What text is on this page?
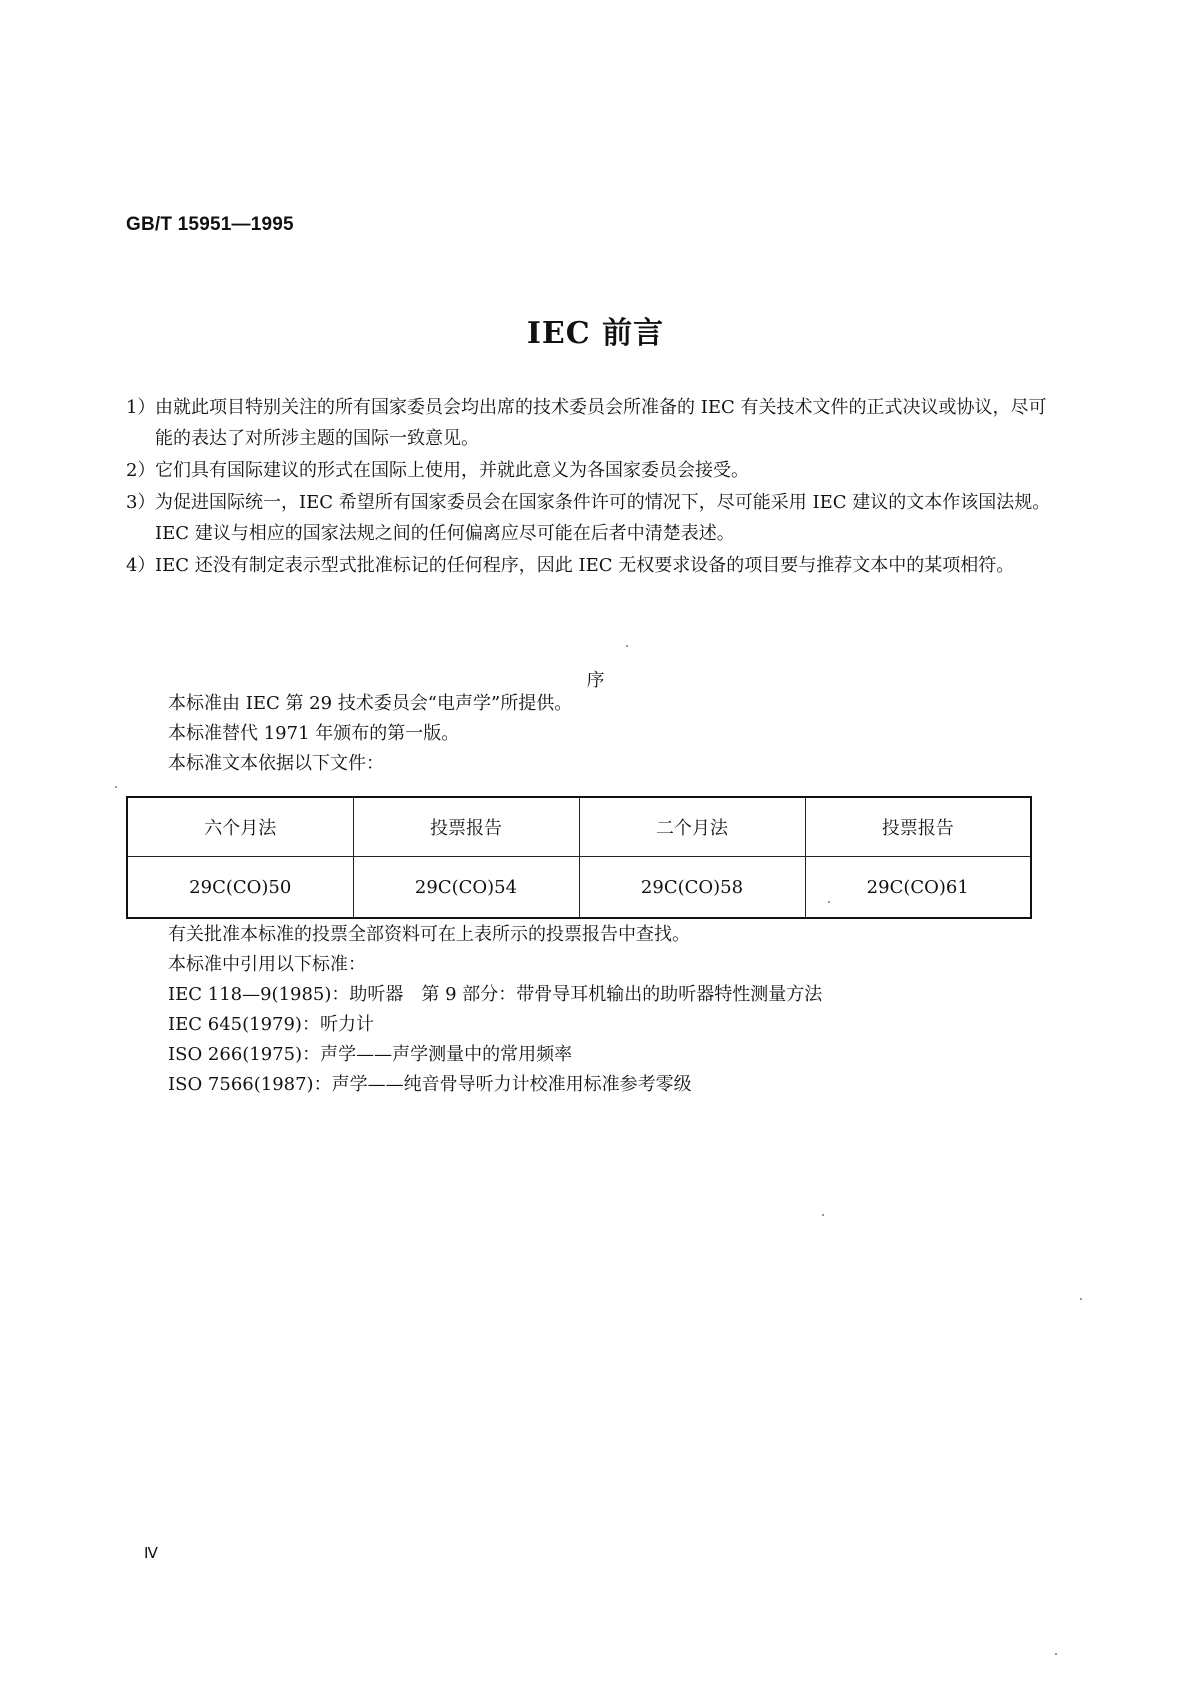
GB/T 15951—1995
IEC 前言
1） 由就此项目特别关注的所有国家委员会均出席的技术委员会所准备的 IEC 有关技术文件的正式决议或协议，尽可能的表达了对所涉主题的国际一致意见。
2） 它们具有国际建议的形式在国际上使用，并就此意义为各国家委员会接受。
3） 为促进国际统一，IEC 希望所有国家委员会在国家条件许可的情况下，尽可能采用 IEC 建议的文本作该国法规。IEC 建议与相应的国家法规之间的任何偏离应尽可能在后者中清楚表述。
4） IEC 还没有制定表示型式批准标记的任何程序，因此 IEC 无权要求设备的项目要与推荐文本中的某项相符。
序
本标准由 IEC 第 29 技术委员会“电声学”所提供。
本标准替代 1971 年颁布的第一版。
本标准文本依据以下文件：
六个月法	投票报告	二个月法	投票报告
29C(CO)50	29C(CO)54	29C(CO)58	29C(CO)61
有关批准本标准的投票全部资料可在上表所示的投票报告中查找。
本标准中引用以下标准：
IEC 118—9(1985)：助听器　第 9 部分：带骨导耳机输出的助听器特性测量方法
IEC 645(1979)：听力计
ISO 266(1975)：声学——声学测量中的常用频率
ISO 7566(1987)：声学——纯音骨导听力计校准用标准参考零级
Ⅳ
